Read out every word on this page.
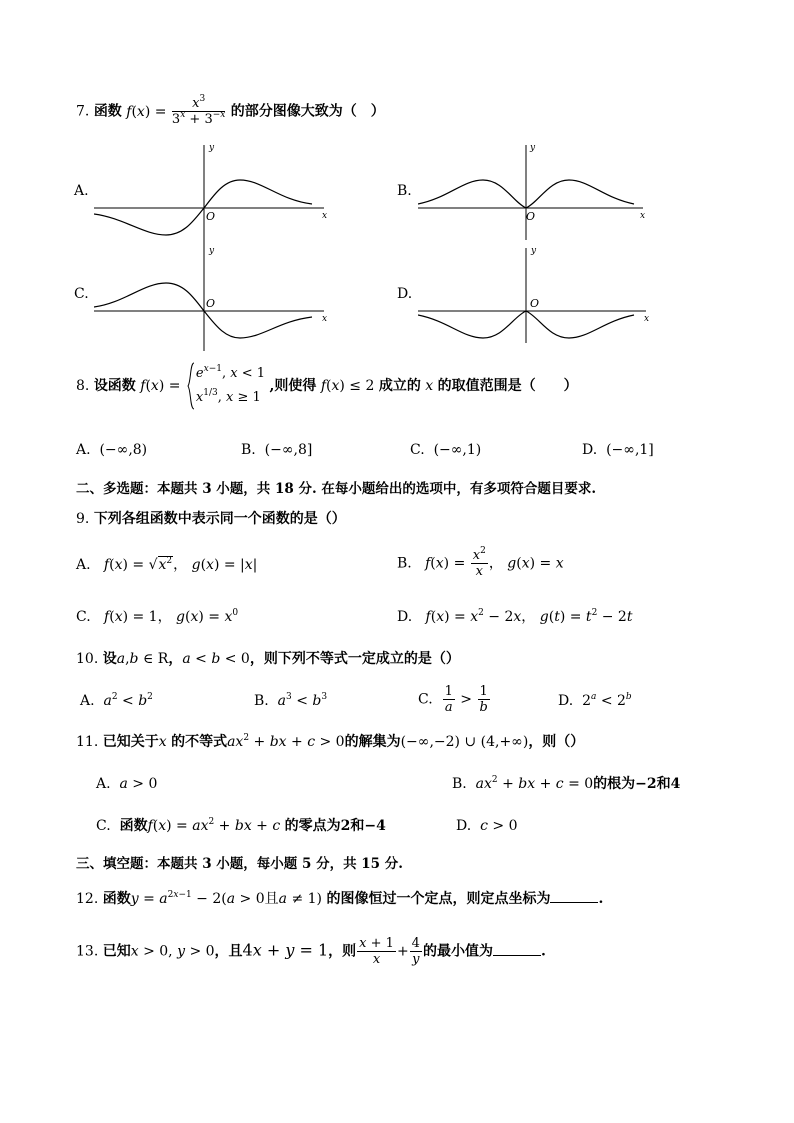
7. 函数 $f(x) = \frac{x^3}{3^x + 3^{-x}}$ 的部分图像大致为（　）
A.
y
x
O
B.
y
x
O
C.
y
x
O
D.
y
x
O
8. 设函数 f(x) =
$e^{x-1}$, x < 1
$x^{1/3}$, x ≥ 1
,则使得 f(x) ≤ 2 成立的 x 的取值范围是（　　）
A. (−∞,8)	B. (−∞,8]	C. (−∞,1)	D. (−∞,1]
二、多选题：本题共 3 小题，共 18 分. 在每小题给出的选项中，有多项符合题目要求.
9. 下列各组函数中表示同一个函数的是（）
A. $f(x) = √x^2$， g(x) = |x|	B. $f(x) = \frac{x^2}{x}$ ， g(x) = x
C. f(x) = 1， $g(x) = x^0$	D. $f(x) = x^2 - 2x$， $g(t) = t^2 - 2t$
10. 设a,b ∈ R，a < b < 0，则下列不等式一定成立的是（）
A. $a^2 < b^2$	B. $a^3 < b^3$	C. $\frac{1}{a} > \frac{1}{b}$	D.  $2^a < 2^b$
11. 已知关于x 的不等式$ax^2$ + bx + c > 0的解集为(−∞,−2) ∪ (4,+∞)，则（）
A. a > 0	B. $ax^2$ + bx + c = 0的根为−2和4
C. 函数$f(x) = ax^2$ + bx + c 的零点为2和−4	D. c > 0
三、填空题：本题共 3 小题，每小题 5 分，共 15 分.
12. 函数$y = a^{2x-1} - 2(a > 0$且a ≠ 1) 的图像恒过一个定点，则定点坐标为	.
13. 已知x > 0, y > 0，且4x + y = 1，则 $\frac{x + 1}{x} + \frac{4}{y}$ 的最小值为	.
